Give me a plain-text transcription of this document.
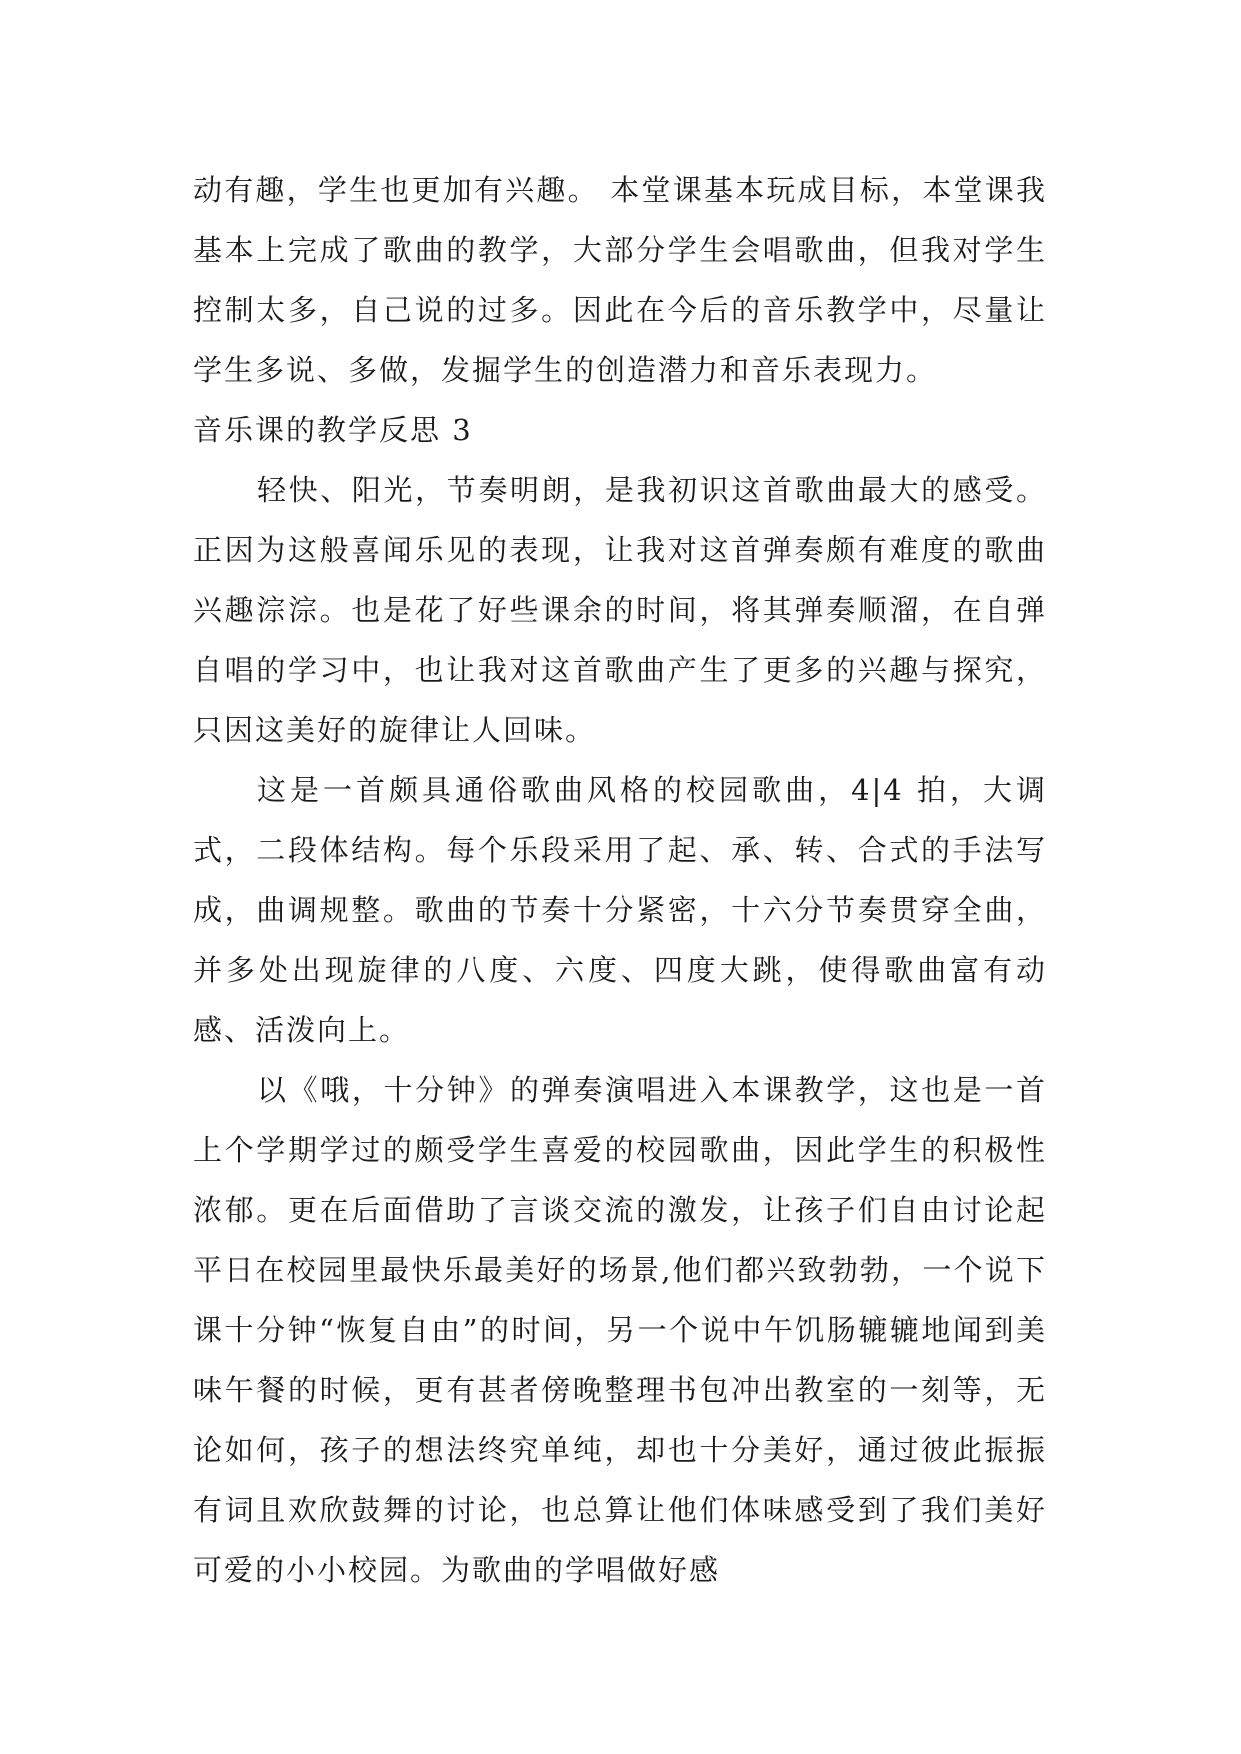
动有趣，学生也更加有兴趣。 本堂课基本玩成目标，本堂课我基本上完成了歌曲的教学，大部分学生会唱歌曲，但我对学生控制太多，自己说的过多。因此在今后的音乐教学中，尽量让学生多说、多做，发掘学生的创造潜力和音乐表现力。

音乐课的教学反思 3

轻快、阳光，节奏明朗，是我初识这首歌曲最大的感受。正因为这般喜闻乐见的表现，让我对这首弹奏颇有难度的歌曲兴趣淙淙。也是花了好些课余的时间，将其弹奏顺溜，在自弹自唱的学习中，也让我对这首歌曲产生了更多的兴趣与探究，只因这美好的旋律让人回味。

这是一首颇具通俗歌曲风格的校园歌曲，4|4 拍，大调式，二段体结构。每个乐段采用了起、承、转、合式的手法写成，曲调规整。歌曲的节奏十分紧密，十六分节奏贯穿全曲，并多处出现旋律的八度、六度、四度大跳，使得歌曲富有动感、活泼向上。

以《哦，十分钟》的弹奏演唱进入本课教学，这也是一首上个学期学过的颇受学生喜爱的校园歌曲，因此学生的积极性浓郁。更在后面借助了言谈交流的激发，让孩子们自由讨论起平日在校园里最快乐最美好的场景,他们都兴致勃勃，一个说下课十分钟“恢复自由”的时间，另一个说中午饥肠辘辘地闻到美味午餐的时候，更有甚者傍晚整理书包冲出教室的一刻等，无论如何，孩子的想法终究单纯，却也十分美好，通过彼此振振有词且欢欣鼓舞的讨论，也总算让他们体味感受到了我们美好可爱的小小校园。为歌曲的学唱做好感
